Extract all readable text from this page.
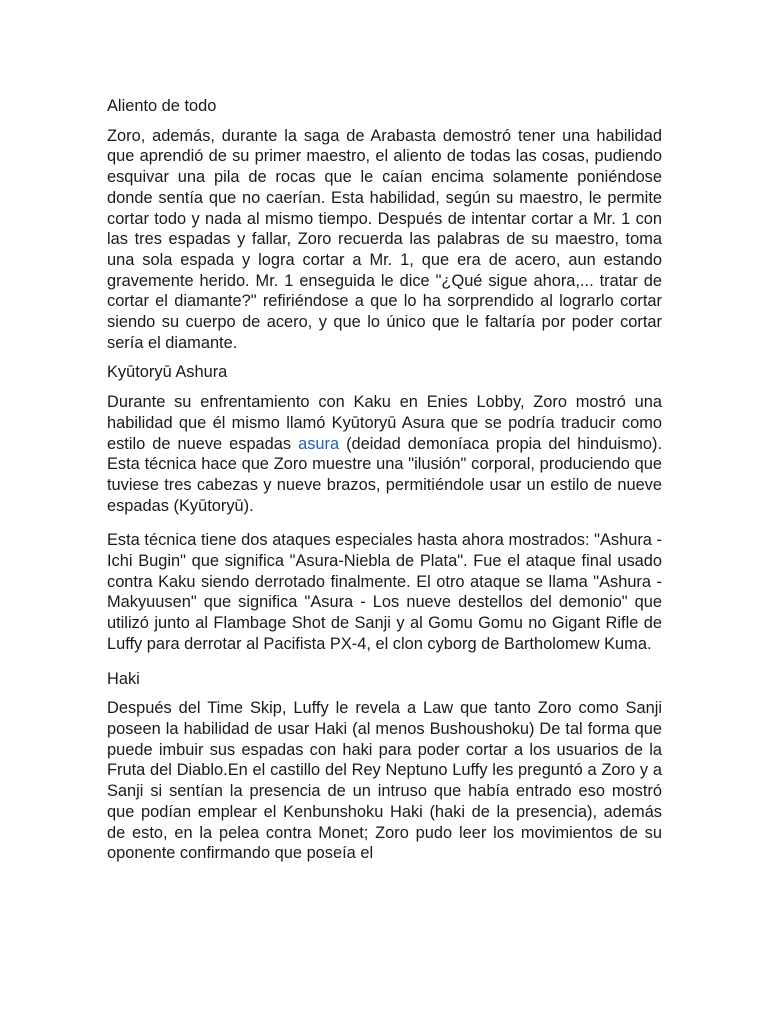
Aliento de todo

Zoro, además, durante la saga de Arabasta demostró tener una habilidad que aprendió de su primer maestro, el aliento de todas las cosas, pudiendo esquivar una pila de rocas que le caían encima solamente poniéndose donde sentía que no caerían. Esta habilidad, según su maestro, le permite cortar todo y nada al mismo tiempo. Después de intentar cortar a Mr. 1 con las tres espadas y fallar, Zoro recuerda las palabras de su maestro, toma una sola espada y logra cortar a Mr. 1, que era de acero, aun estando gravemente herido. Mr. 1 enseguida le dice "¿Qué sigue ahora,... tratar de cortar el diamante?" refiriéndose a que lo ha sorprendido al lograrlo cortar siendo su cuerpo de acero, y que lo único que le faltaría por poder cortar sería el diamante.

Kyūtoryū Ashura

Durante su enfrentamiento con Kaku en Enies Lobby, Zoro mostró una habilidad que él mismo llamó Kyūtoryū Asura que se podría traducir como estilo de nueve espadas asura (deidad demoníaca propia del hinduismo). Esta técnica hace que Zoro muestre una "ilusión" corporal, produciendo que tuviese tres cabezas y nueve brazos, permitiéndole usar un estilo de nueve espadas (Kyūtoryū).

Esta técnica tiene dos ataques especiales hasta ahora mostrados: "Ashura - Ichi Bugin" que significa "Asura-Niebla de Plata". Fue el ataque final usado contra Kaku siendo derrotado finalmente. El otro ataque se llama "Ashura - Makyuusen" que significa "Asura - Los nueve destellos del demonio" que utilizó junto al Flambage Shot de Sanji y al Gomu Gomu no Gigant Rifle de Luffy para derrotar al Pacifista PX-4, el clon cyborg de Bartholomew Kuma.

Haki

Después del Time Skip, Luffy le revela a Law que tanto Zoro como Sanji poseen la habilidad de usar Haki (al menos Bushoushoku) De tal forma que puede imbuir sus espadas con haki para poder cortar a los usuarios de la Fruta del Diablo.En el castillo del Rey Neptuno Luffy les preguntó a Zoro y a Sanji si sentían la presencia de un intruso que había entrado eso mostró que podían emplear el Kenbunshoku Haki (haki de la presencia), además de esto, en la pelea contra Monet; Zoro pudo leer los movimientos de su oponente confirmando que poseía el
